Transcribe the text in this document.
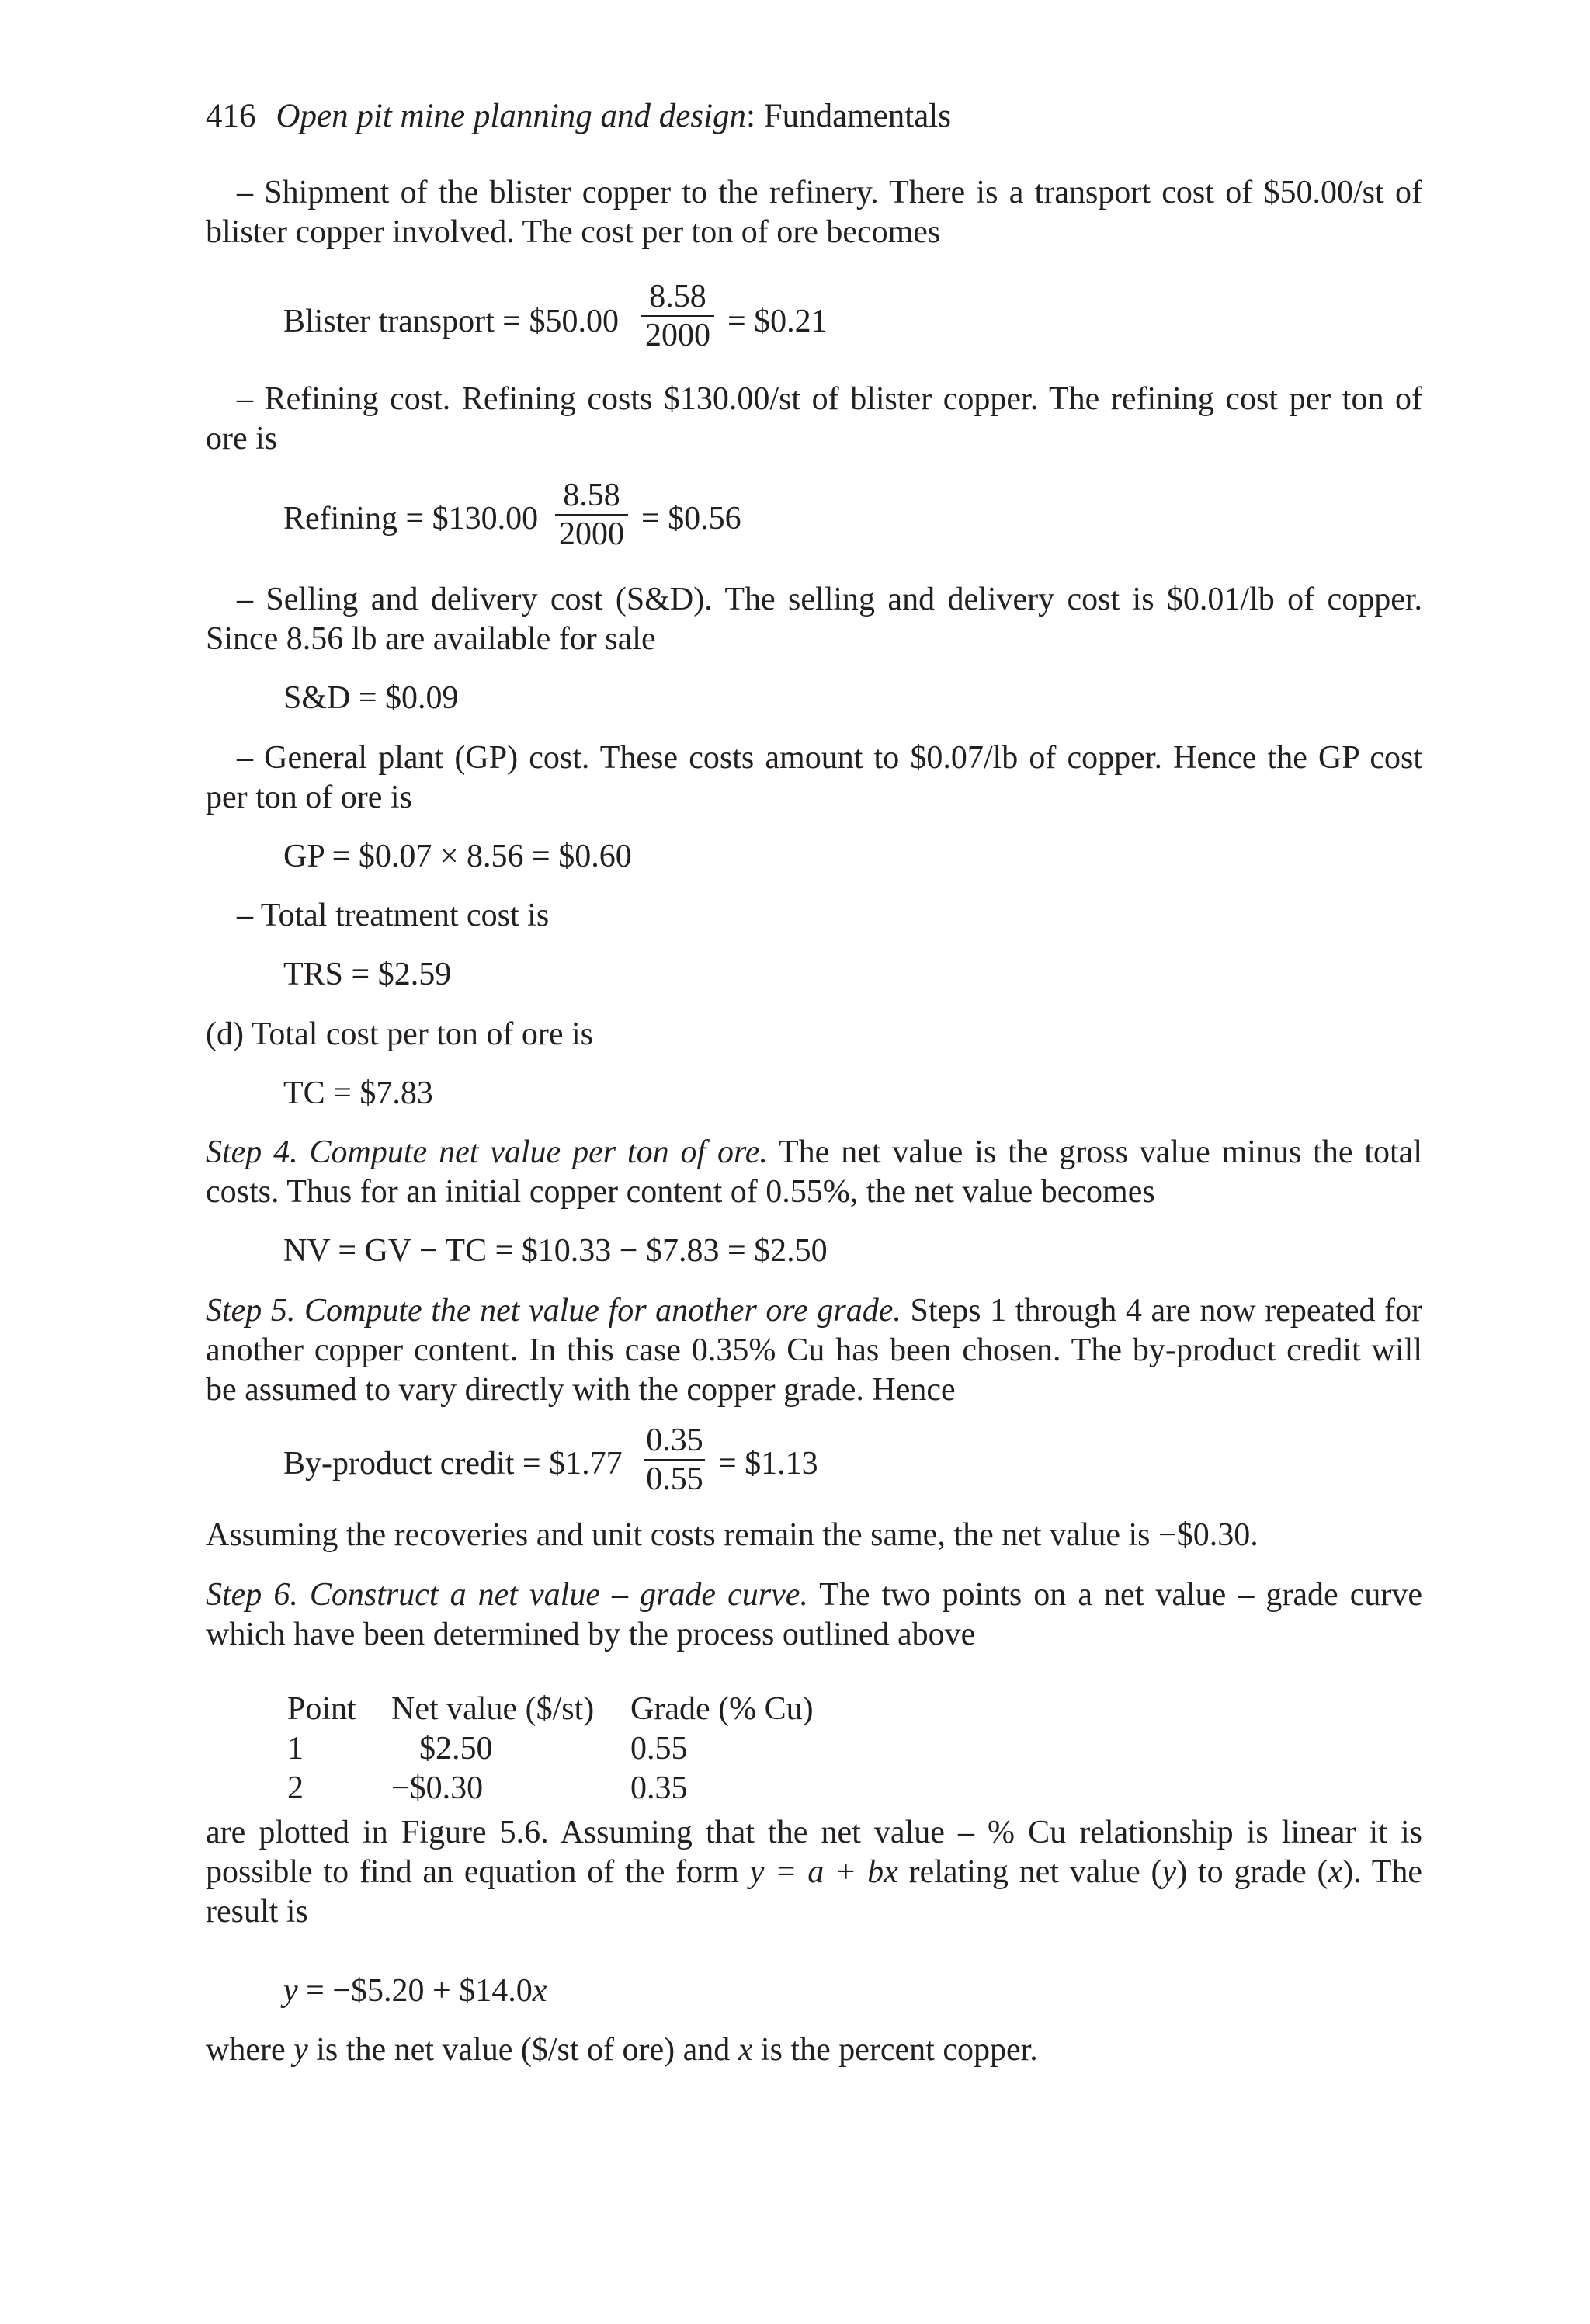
416 Open pit mine planning and design: Fundamentals
– Shipment of the blister copper to the refinery. There is a transport cost of $50.00/st of blister copper involved. The cost per ton of ore becomes
Blister transport = $50.00
8.58
2000 = $0.21
– Refining cost. Refining costs $130.00/st of blister copper. The refining cost per ton of ore is
Refining = $130.00
8.58
2000 = $0.56
– Selling and delivery cost (S&D). The selling and delivery cost is $0.01/lb of copper. Since 8.56 lb are available for sale
S&D = $0.09
– General plant (GP) cost. These costs amount to $0.07/lb of copper. Hence the GP cost per ton of ore is
GP = $0.07 × 8.56 = $0.60
– Total treatment cost is
TRS = $2.59
(d) Total cost per ton of ore is
TC = $7.83
Step 4. Compute net value per ton of ore. The net value is the gross value minus the total costs. Thus for an initial copper content of 0.55%, the net value becomes
NV = GV − TC = $10.33 − $7.83 = $2.50
Step 5. Compute the net value for another ore grade. Steps 1 through 4 are now repeated for another copper content. In this case 0.35% Cu has been chosen. The by-product credit will be assumed to vary directly with the copper grade. Hence
By-product credit = $1.77
0.35
0.55 = $1.13
Assuming the recoveries and unit costs remain the same, the net value is −$0.30.
Step 6. Construct a net value – grade curve. The two points on a net value – grade curve which have been determined by the process outlined above
Point	Net value ($/st)	Grade (% Cu)
1	$2.50	0.55
2	−$0.30	0.35
are plotted in Figure 5.6. Assuming that the net value – % Cu relationship is linear it is possible to find an equation of the form y = a + bx relating net value (y) to grade (x). The result is
y = −$5.20 + $14.0x
where y is the net value ($/st of ore) and x is the percent copper.
